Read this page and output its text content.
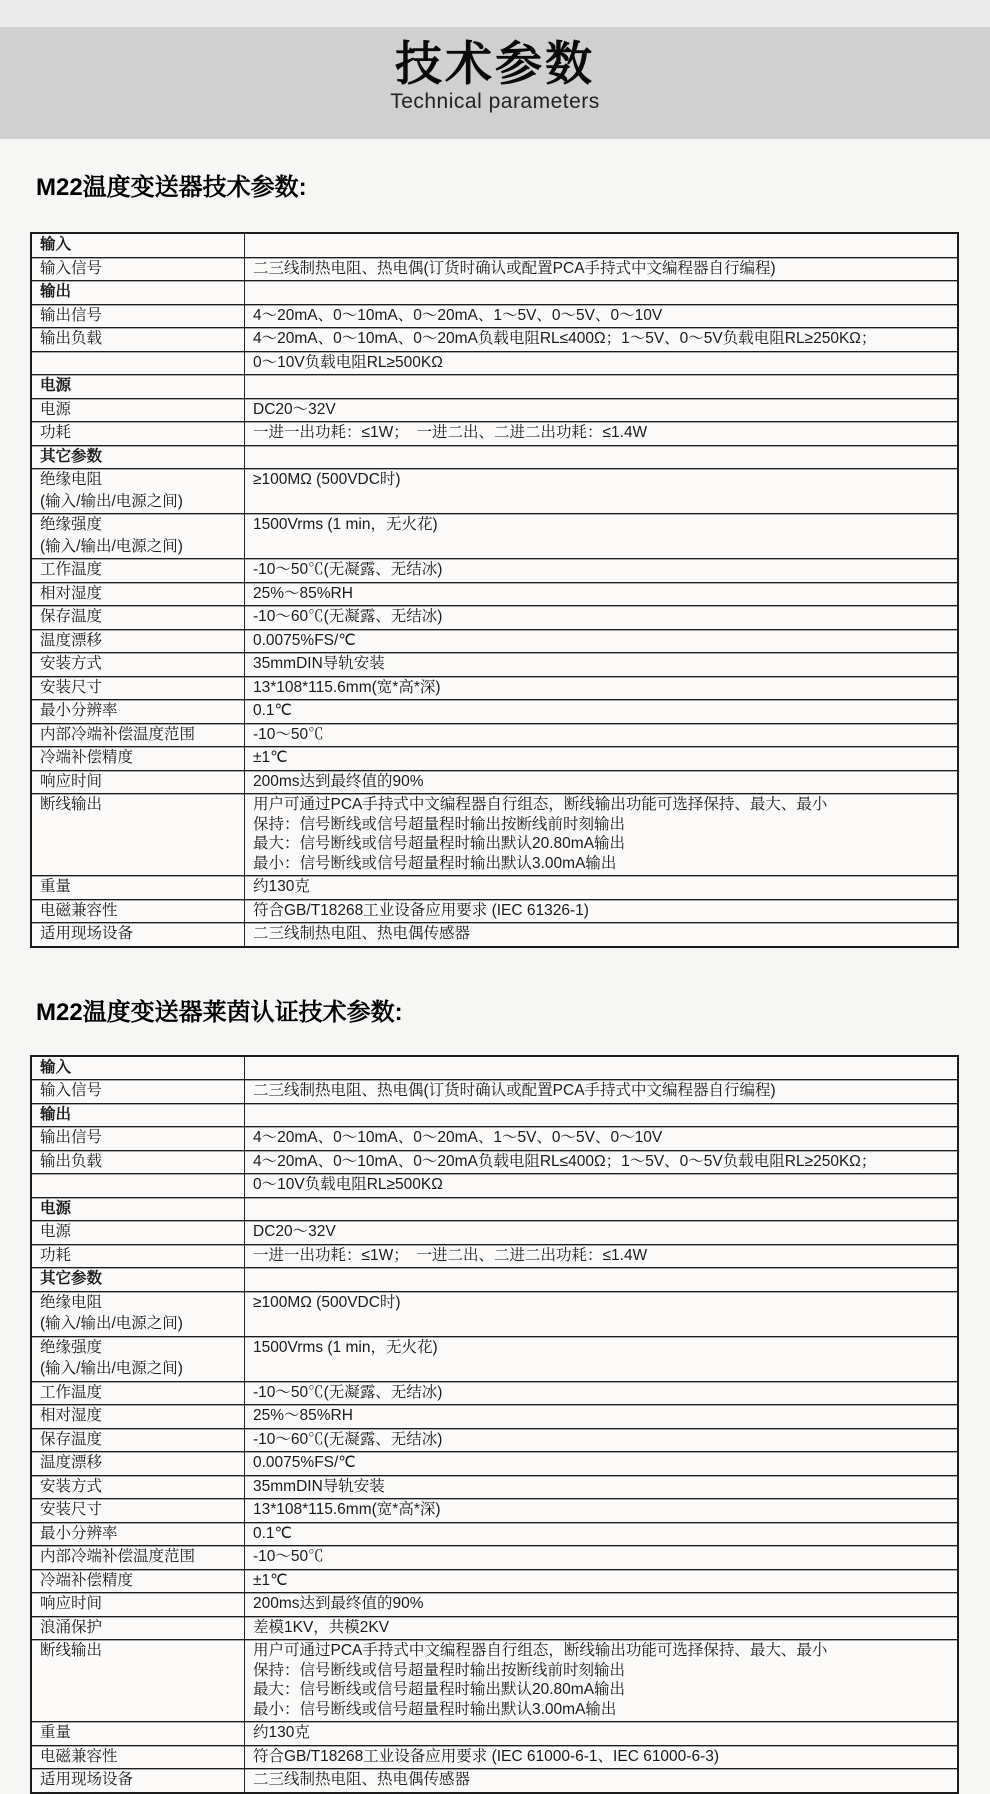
技术参数
Technical parameters
M22温度变送器技术参数:
输入	

输入信号	二三线制热电阻、热电偶(订货时确认或配置PCA手持式中文编程器自行编程)

输出	

输出信号	4～20mA、0～10mA、0～20mA、1～5V、0～5V、0～10V

输出负载	4～20mA、0～10mA、0～20mA负载电阻RL≤400Ω；1～5V、0～5V负载电阻RL≥250KΩ；

	0～10V负载电阻RL≥500KΩ

电源	

电源	DC20～32V

功耗	一进一出功耗：≤1W；　一进二出、二进二出功耗：≤1.4W

其它参数	

绝缘电阻
(输入/输出/电源之间)	≥100MΩ (500VDC时)

绝缘强度
(输入/输出/电源之间)	1500Vrms (1 min，无火花)

工作温度	-10～50℃(无凝露、无结冰)

相对湿度	25%～85%RH

保存温度	-10～60℃(无凝露、无结冰)

温度漂移	0.0075%FS/℃

安装方式	35mmDIN导轨安装

安装尺寸	13*108*115.6mm(宽*高*深)

最小分辨率	0.1℃

内部冷端补偿温度范围	-10～50℃

冷端补偿精度	±1℃

响应时间	200ms达到最终值的90%

断线输出	用户可通过PCA手持式中文编程器自行组态，断线输出功能可选择保持、最大、最小
保持：信号断线或信号超量程时输出按断线前时刻输出
最大：信号断线或信号超量程时输出默认20.80mA输出
最小：信号断线或信号超量程时输出默认3.00mA输出

重量	约130克

电磁兼容性	符合GB/T18268工业设备应用要求 (IEC 61326-1)

适用现场设备	二三线制热电阻、热电偶传感器
M22温度变送器莱茵认证技术参数:
输入	

输入信号	二三线制热电阻、热电偶(订货时确认或配置PCA手持式中文编程器自行编程)

输出	

输出信号	4～20mA、0～10mA、0～20mA、1～5V、0～5V、0～10V

输出负载	4～20mA、0～10mA、0～20mA负载电阻RL≤400Ω；1～5V、0～5V负载电阻RL≥250KΩ；

	0～10V负载电阻RL≥500KΩ

电源	

电源	DC20～32V

功耗	一进一出功耗：≤1W；　一进二出、二进二出功耗：≤1.4W

其它参数	

绝缘电阻
(输入/输出/电源之间)	≥100MΩ (500VDC时)

绝缘强度
(输入/输出/电源之间)	1500Vrms (1 min，无火花)

工作温度	-10～50℃(无凝露、无结冰)

相对湿度	25%～85%RH

保存温度	-10～60℃(无凝露、无结冰)

温度漂移	0.0075%FS/℃

安装方式	35mmDIN导轨安装

安装尺寸	13*108*115.6mm(宽*高*深)

最小分辨率	0.1℃

内部冷端补偿温度范围	-10～50℃

冷端补偿精度	±1℃

响应时间	200ms达到最终值的90%

浪涌保护	差模1KV，共模2KV

断线输出	用户可通过PCA手持式中文编程器自行组态，断线输出功能可选择保持、最大、最小
保持：信号断线或信号超量程时输出按断线前时刻输出
最大：信号断线或信号超量程时输出默认20.80mA输出
最小：信号断线或信号超量程时输出默认3.00mA输出

重量	约130克

电磁兼容性	符合GB/T18268工业设备应用要求 (IEC 61000-6-1、IEC 61000-6-3)

适用现场设备	二三线制热电阻、热电偶传感器
